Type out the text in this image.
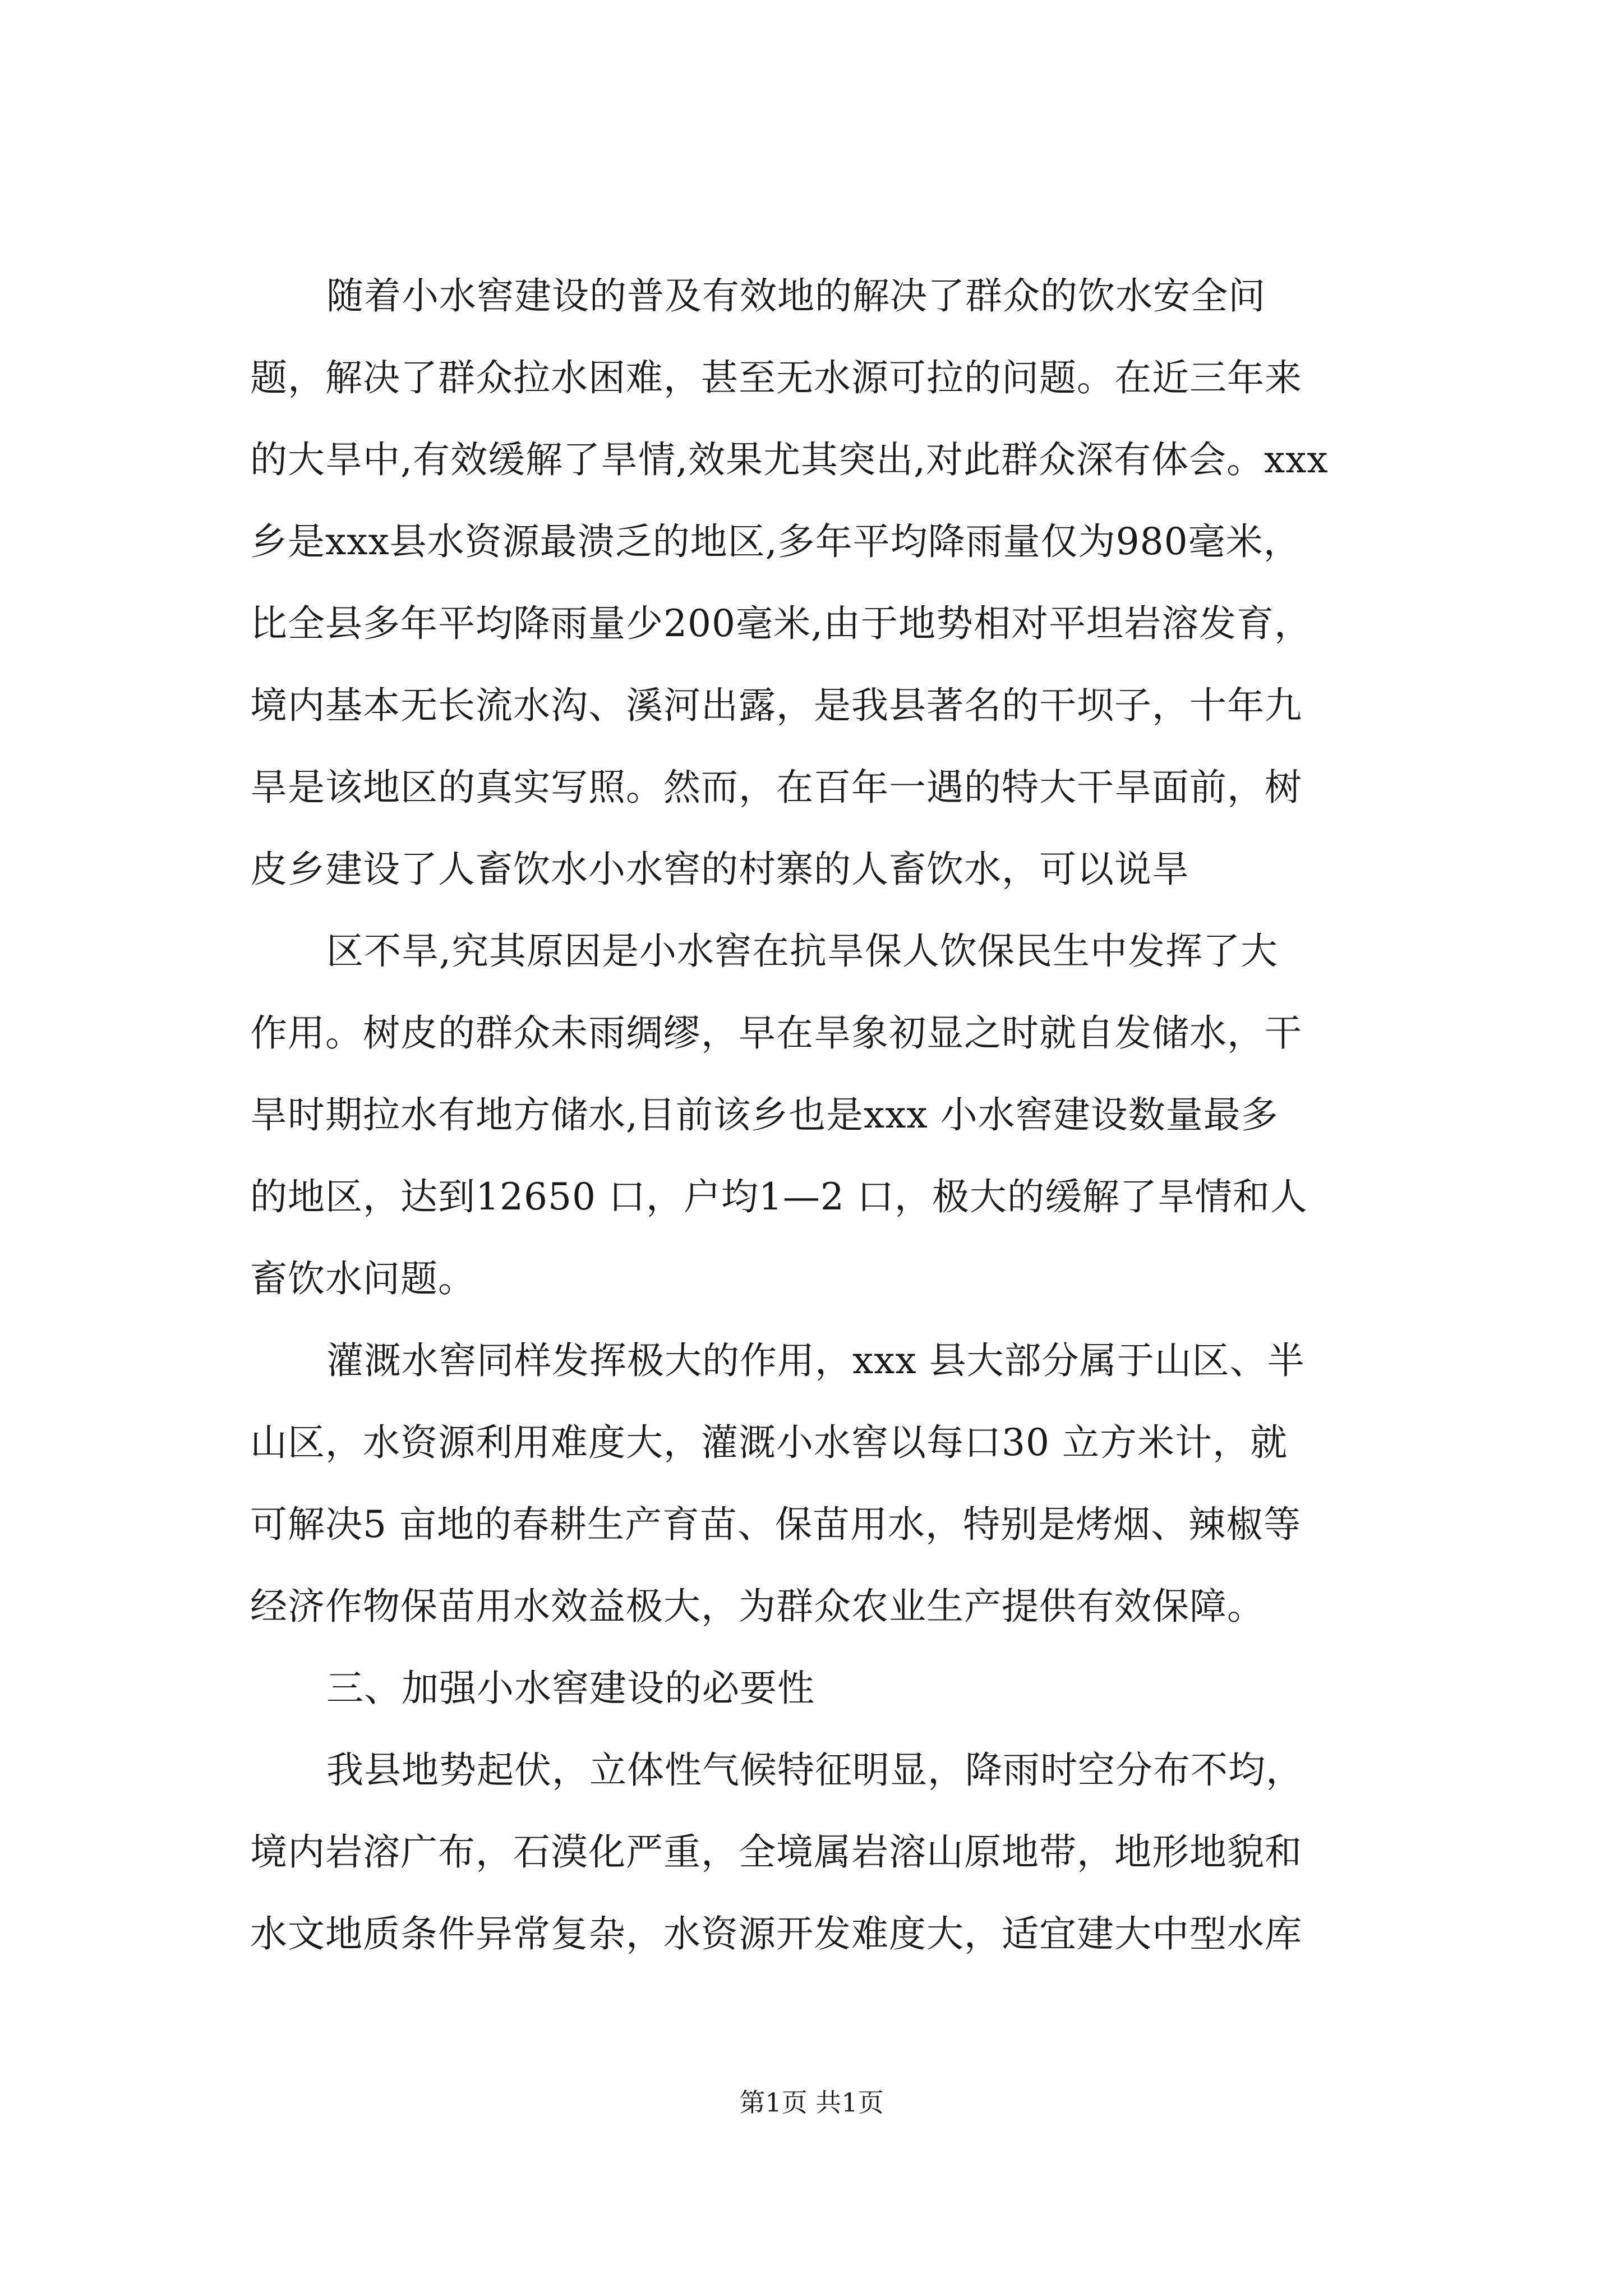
随着小水窖建设的普及有效地的解决了群众的饮水安全问
题，解决了群众拉水困难，甚至无水源可拉的问题。在近三年来
的大旱中,有效缓解了旱情,效果尤其突出,对此群众深有体会。xxx
乡是xxx县水资源最溃乏的地区,多年平均降雨量仅为980毫米，
比全县多年平均降雨量少200毫米,由于地势相对平坦岩溶发育，
境内基本无长流水沟、溪河出露，是我县著名的干坝子，十年九
旱是该地区的真实写照。然而，在百年一遇的特大干旱面前，树
皮乡建设了人畜饮水小水窖的村寨的人畜饮水，可以说旱
区不旱,究其原因是小水窖在抗旱保人饮保民生中发挥了大
作用。树皮的群众未雨绸缪，早在旱象初显之时就自发储水，干
旱时期拉水有地方储水,目前该乡也是xxx 小水窖建设数量最多
的地区，达到12650 口，户均1—2 口，极大的缓解了旱情和人
畜饮水问题。
灌溉水窖同样发挥极大的作用，xxx 县大部分属于山区、半
山区，水资源利用难度大，灌溉小水窖以每口30 立方米计，就
可解决5 亩地的春耕生产育苗、保苗用水，特别是烤烟、辣椒等
经济作物保苗用水效益极大，为群众农业生产提供有效保障。
三、加强小水窖建设的必要性
我县地势起伏，立体性气候特征明显，降雨时空分布不均，
境内岩溶广布，石漠化严重，全境属岩溶山原地带，地形地貌和
水文地质条件异常复杂，水资源开发难度大，适宜建大中型水库
第1页 共1页
